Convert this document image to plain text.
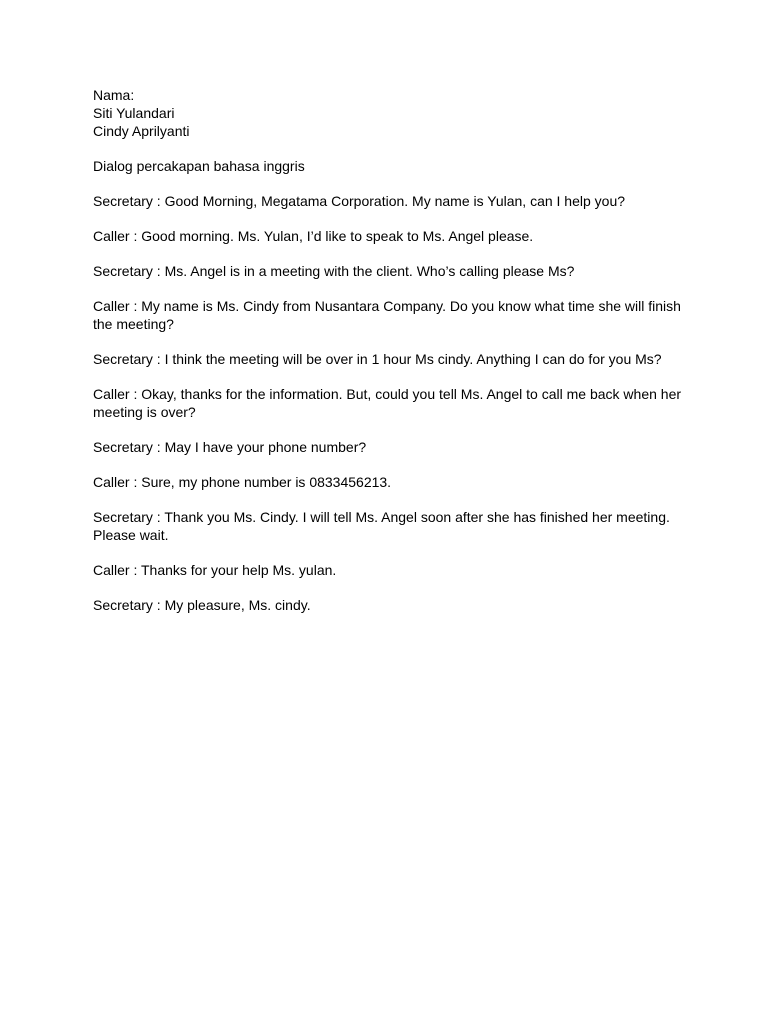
Nama:
Siti Yulandari
Cindy Aprilyanti

Dialog percakapan bahasa inggris

Secretary : Good Morning, Megatama Corporation. My name is Yulan, can I help you?

Caller : Good morning. Ms. Yulan, I’d like to speak to Ms. Angel please.

Secretary : Ms. Angel is in a meeting with the client. Who’s calling please Ms?

Caller : My name is Ms. Cindy from Nusantara Company. Do you know what time she will finish the meeting?

Secretary : I think the meeting will be over in 1 hour Ms cindy. Anything I can do for you Ms?

Caller : Okay, thanks for the information. But, could you tell Ms. Angel to call me back when her meeting is over?

Secretary : May I have your phone number?

Caller : Sure, my phone number is 0833456213.

Secretary : Thank you Ms. Cindy. I will tell Ms. Angel soon after she has finished her meeting. Please wait.

Caller : Thanks for your help Ms. yulan.

Secretary : My pleasure, Ms. cindy.
